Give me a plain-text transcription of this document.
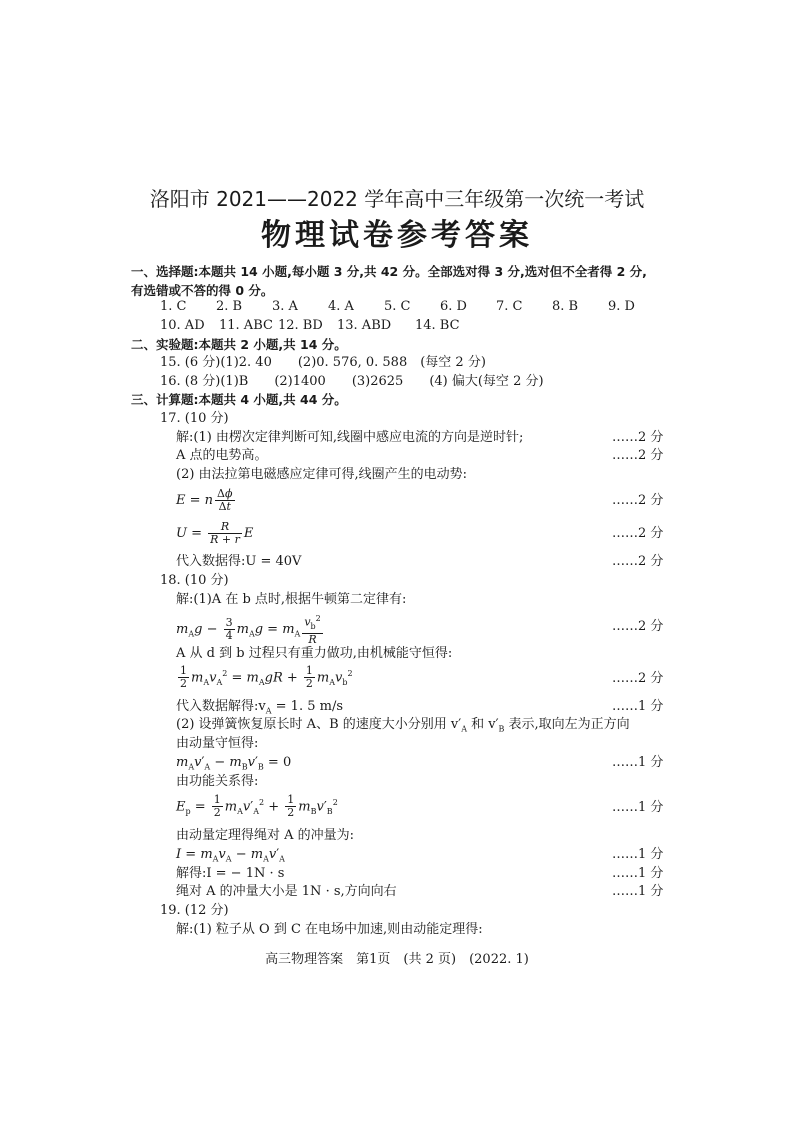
洛阳市 2021——2022 学年高中三年级第一次统一考试
物理试卷参考答案
一、选择题:本题共 14 小题,每小题 3 分,共 42 分。全部选对得 3 分,选对但不全者得 2 分,
有选错或不答的得 0 分。
1. C 2. B 3. A 4. A 5. C 6. D 7. C 8. B 9. D
10. AD 11. ABC 12. BD 13. ABD 14. BC
二、实验题:本题共 2 小题,共 14 分。
15. (6 分)(1)2. 40　　(2)0. 576, 0. 588　(每空 2 分)
16. (8 分)(1)B　　(2)1400　　(3)2625　　(4) 偏大(每空 2 分)
三、计算题:本题共 4 小题,共 44 分。
17. (10 分)
解:(1) 由楞次定律判断可知,线圈中感应电流的方向是逆时针;	……2 分
A 点的电势高。	……2 分
(2) 由法拉第电磁感应定律可得,线圈产生的电动势:
E = n $\frac{\Delta\phi}{\Delta t}$	……2 分
$U = \frac{R}{R + r}$ E	……2 分
代入数据得:U = 40V	……2 分
18. (10 分)
解:(1)A 在 b 点时,根据牛顿第二定律有:
$m_Ag - \frac{3}{4} m_Ag = m_A \frac{v_b^2}{R}$	……2 分
A 从 d 到 b 过程只有重力做功,由机械能守恒得:
$\frac{1}{2} m_Av_A^2 = m_AgR + \frac{1}{2} m_Av_b^2$	……2 分
代入数据解得$:v_A = 1$. 5 m/s	……1 分
(2) 设弹簧恢复原长时 A、B 的速度大小分别用 $v'_A$ 和 $v'_B$ 表示,取向左为正方向
由动量守恒得:
$m_Av'_A - m_Bv'_B = 0$	……1 分
由功能关系得:
$E_p = \frac{1}{2} m_Av'_A^2 + \frac{1}{2} m_Bv'_B^2$	……1 分
由动量定理得绳对 A 的冲量为:
$I = m_Av_A - m_Av'_A$	……1 分
解得:I = − 1N · s	……1 分
绳对 A 的冲量大小是 1N · s,方向向右	……1 分
19. (12 分)
解:(1) 粒子从 O 到 C 在电场中加速,则由动能定理得:
高三物理答案　第1页　(共 2 页)　(2022. 1)
